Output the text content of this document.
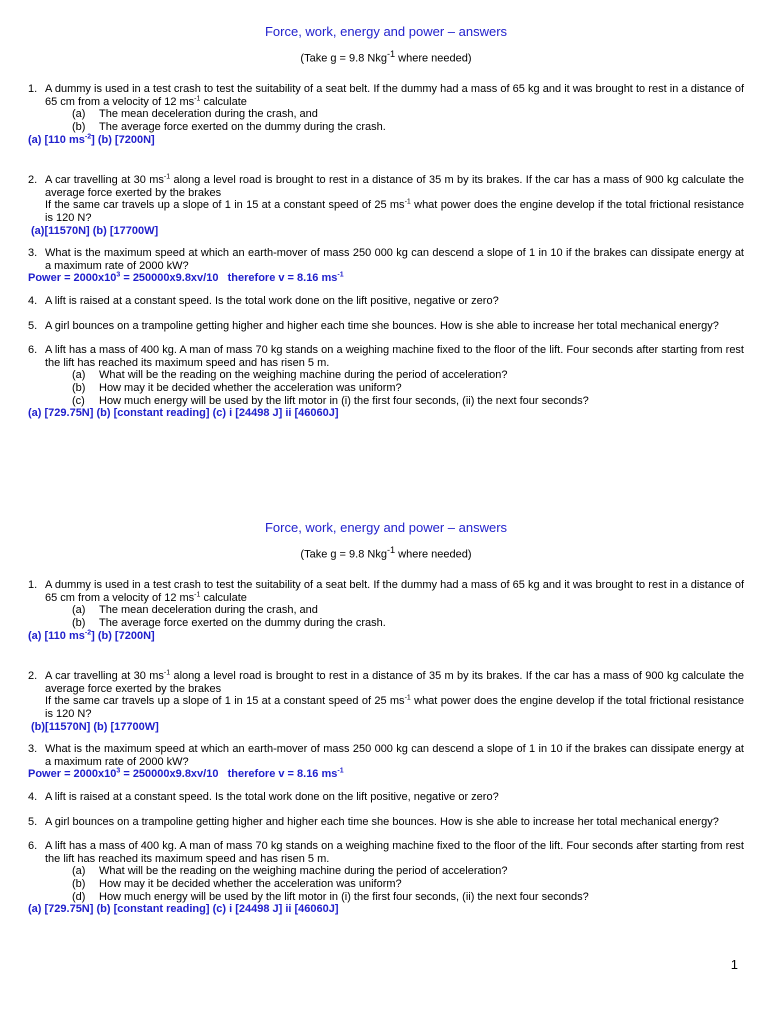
Force, work, energy and power – answers
(Take g = 9.8 Nkg$^{-1}$ where needed)
1. A dummy is used in a test crash to test the suitability of a seat belt. If the dummy had a mass of 65 kg and it was brought to rest in a distance of 65 cm from a velocity of 12 $ms^{-1}$ calculate
(a) The mean deceleration during the crash, and
(b) The average force exerted on the dummy during the crash.
(a) [110 $ms^{-2}$] (b) [7200N]
2. A car travelling at 30 $ms^{-1}$ along a level road is brought to rest in a distance of 35 m by its brakes. If the car has a mass of 900 kg calculate the average force exerted by the brakes
If the same car travels up a slope of 1 in 15 at a constant speed of 25 $ms^{-1}$ what power does the engine develop if the total frictional resistance is 120 N?
(a)[11570N] (b) [17700W]
3. What is the maximum speed at which an earth-mover of mass 250 000 kg can descend a slope of 1 in 10 if the brakes can dissipate energy at a maximum rate of 2000 kW?
Power = $2000x10^3 = 250000x9.8xv/10$   therefore v = 8.16 $ms^{-1}$
4. A lift is raised at a constant speed. Is the total work done on the lift positive, negative or zero?
5. A girl bounces on a trampoline getting higher and higher each time she bounces. How is she able to increase her total mechanical energy?
6. A lift has a mass of 400 kg. A man of mass 70 kg stands on a weighing machine fixed to the floor of the lift. Four seconds after starting from rest the lift has reached its maximum speed and has risen 5 m.
(a) What will be the reading on the weighing machine during the period of acceleration?
(b) How may it be decided whether the acceleration was uniform?
(c) How much energy will be used by the lift motor in (i) the first four seconds, (ii) the next four seconds?
(a) [729.75N] (b) [constant reading] (c) i [24498 J] ii [46060J]
Force, work, energy and power – answers
(Take g = 9.8 Nkg$^{-1}$ where needed)
1. A dummy is used in a test crash to test the suitability of a seat belt. If the dummy had a mass of 65 kg and it was brought to rest in a distance of 65 cm from a velocity of 12 $ms^{-1}$ calculate
(a) The mean deceleration during the crash, and
(b) The average force exerted on the dummy during the crash.
(a) [110 $ms^{-2}$] (b) [7200N]
2. A car travelling at 30 $ms^{-1}$ along a level road is brought to rest in a distance of 35 m by its brakes. If the car has a mass of 900 kg calculate the average force exerted by the brakes
If the same car travels up a slope of 1 in 15 at a constant speed of 25 $ms^{-1}$ what power does the engine develop if the total frictional resistance is 120 N?
(b)[11570N] (b) [17700W]
3. What is the maximum speed at which an earth-mover of mass 250 000 kg can descend a slope of 1 in 10 if the brakes can dissipate energy at a maximum rate of 2000 kW?
Power = $2000x10^3 = 250000x9.8xv/10$   therefore v = 8.16 $ms^{-1}$
4. A lift is raised at a constant speed. Is the total work done on the lift positive, negative or zero?
5. A girl bounces on a trampoline getting higher and higher each time she bounces. How is she able to increase her total mechanical energy?
6. A lift has a mass of 400 kg. A man of mass 70 kg stands on a weighing machine fixed to the floor of the lift. Four seconds after starting from rest the lift has reached its maximum speed and has risen 5 m.
(a) What will be the reading on the weighing machine during the period of acceleration?
(b) How may it be decided whether the acceleration was uniform?
(d) How much energy will be used by the lift motor in (i) the first four seconds, (ii) the next four seconds?
(a) [729.75N] (b) [constant reading] (c) i [24498 J] ii [46060J]
1
